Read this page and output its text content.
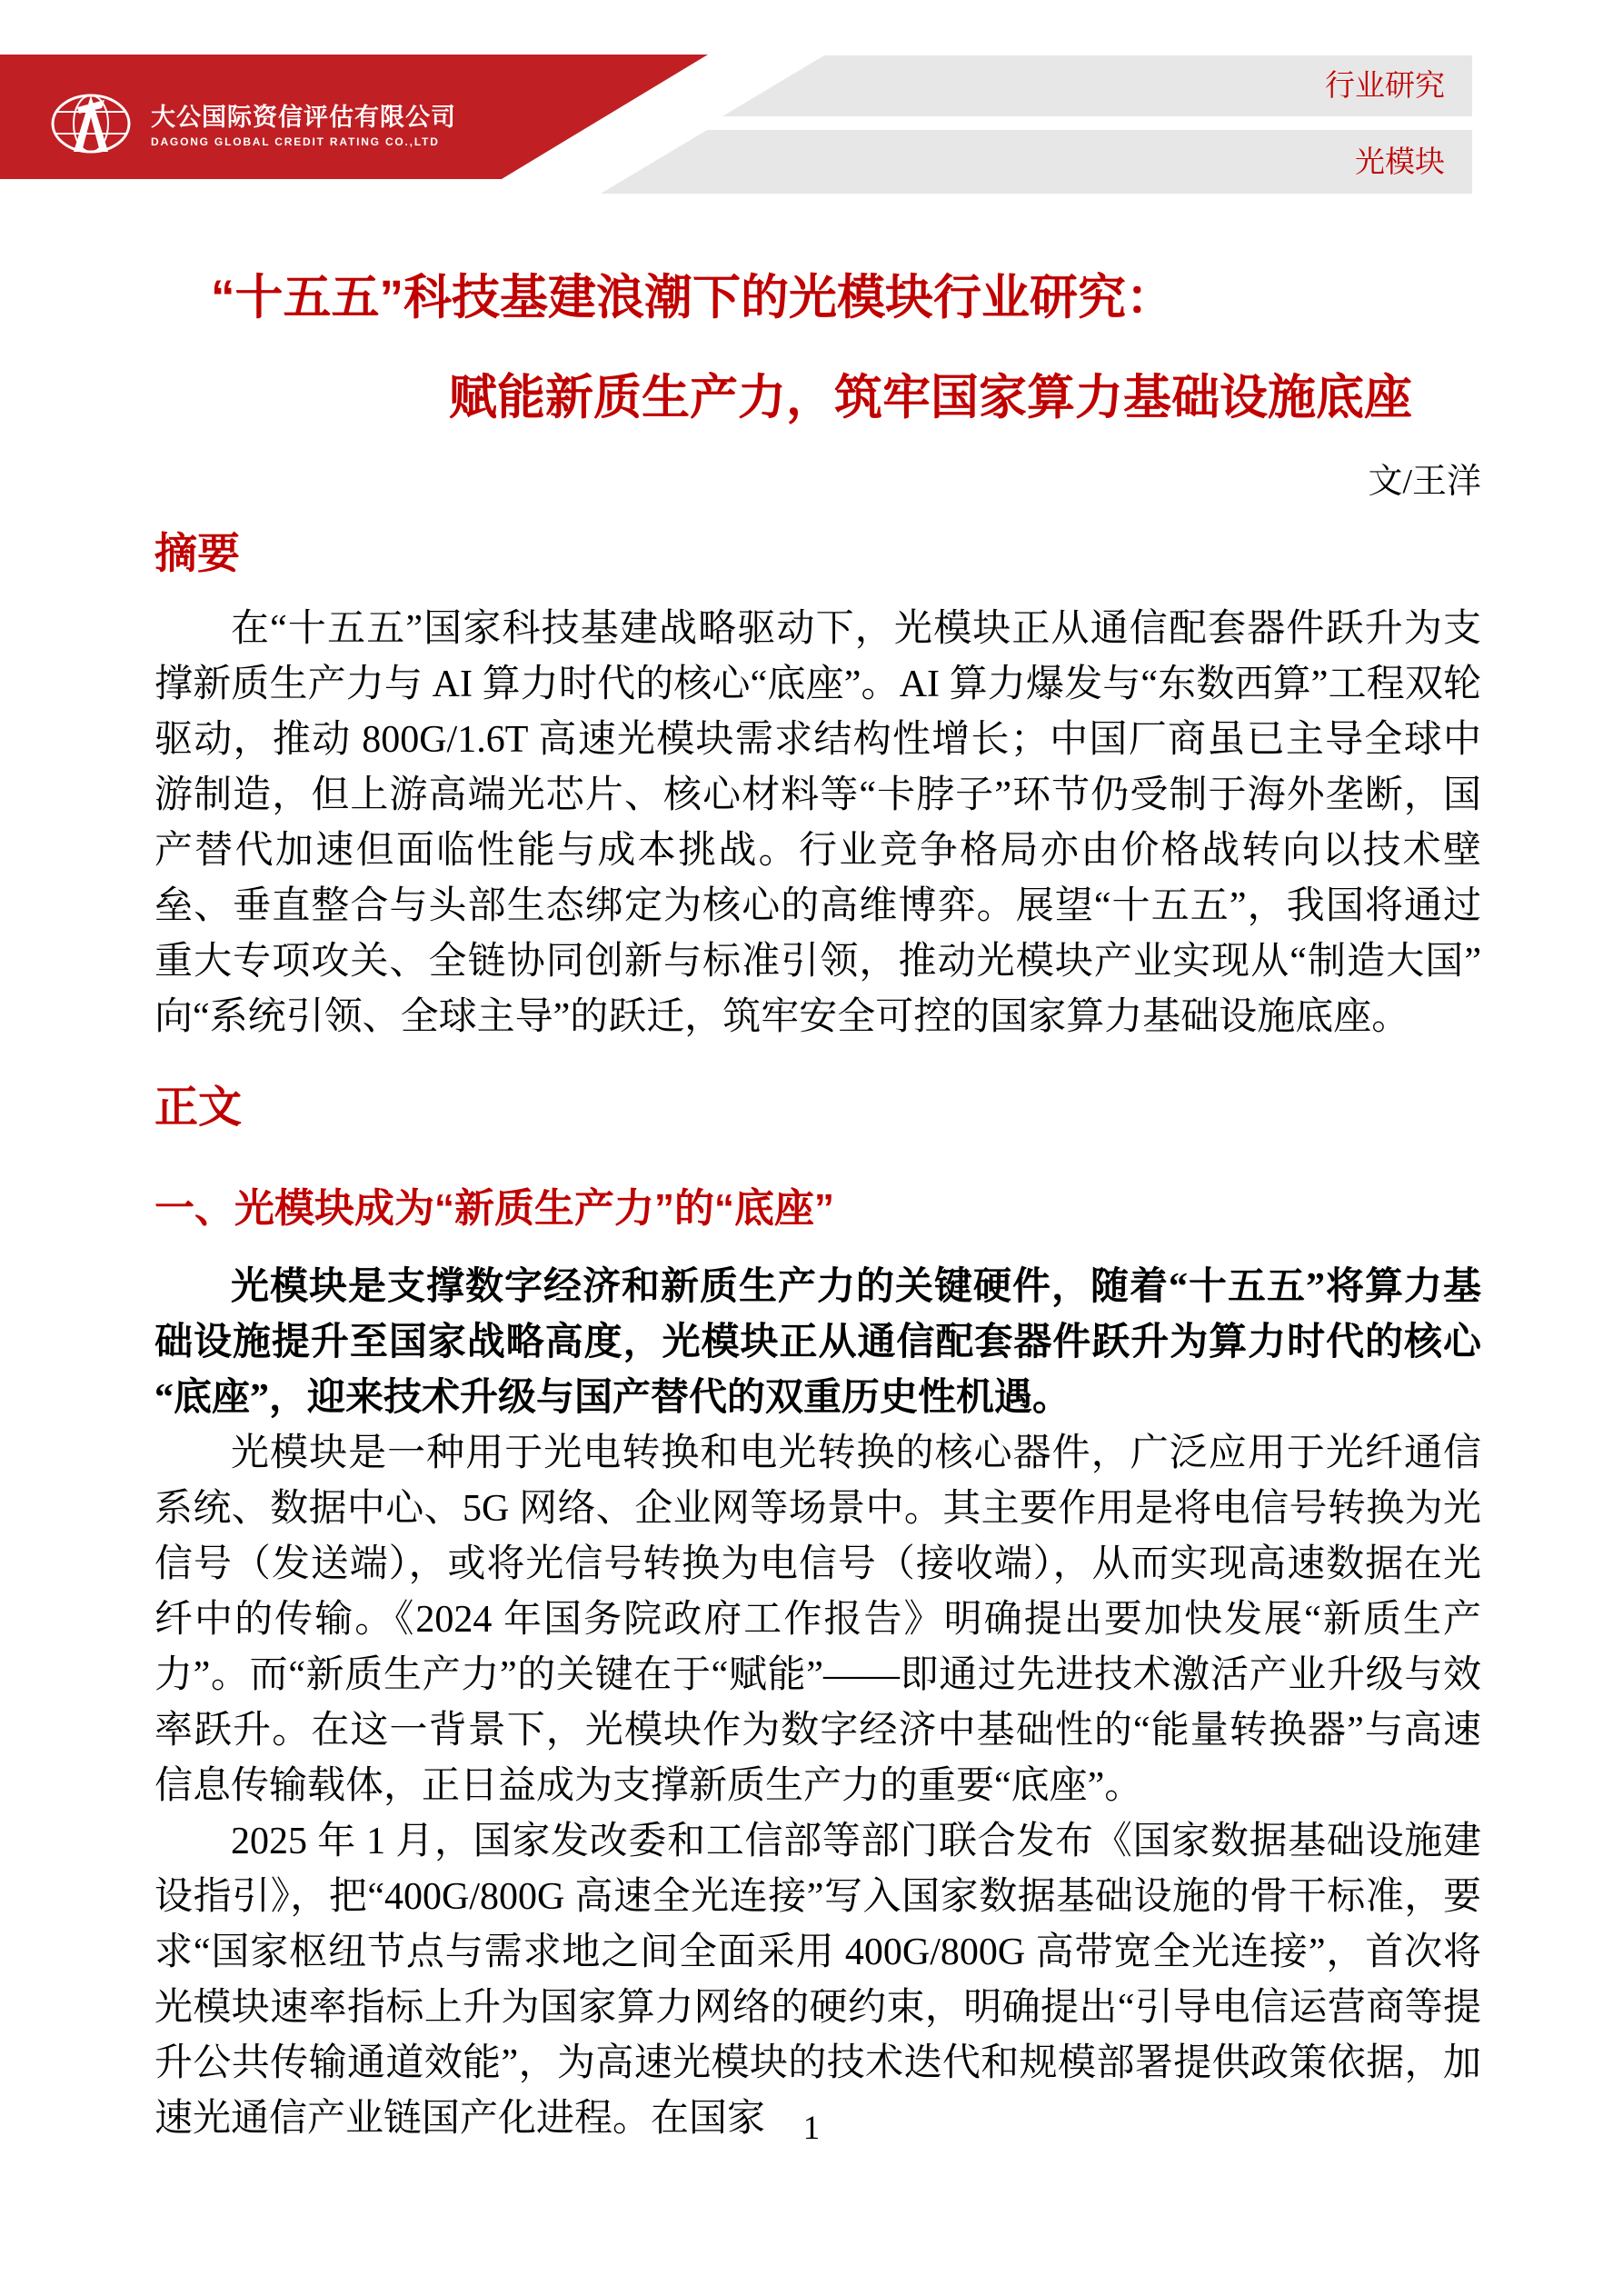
大公国际资信评估有限公司
DAGONG GLOBAL CREDIT RATING CO.,LTD
行业研究
光模块
“十五五”科技基建浪潮下的光模块行业研究：
赋能新质生产力，筑牢国家算力基础设施底座
文/王洋
摘要

在“十五五”国家科技基建战略驱动下，光模块正从通信配套器件跃升为支撑新质生产力与 AI 算力时代的核心“底座”。AI 算力爆发与“东数西算”工程双轮驱动，推动 800G/1.6T 高速光模块需求结构性增长；中国厂商虽已主导全球中游制造，但上游高端光芯片、核心材料等“卡脖子”环节仍受制于海外垄断，国产替代加速但面临性能与成本挑战。行业竞争格局亦由价格战转向以技术壁垒、垂直整合与头部生态绑定为核心的高维博弈。展望“十五五”，我国将通过重大专项攻关、全链协同创新与标准引领，推动光模块产业实现从“制造大国”向“系统引领、全球主导”的跃迁，筑牢安全可控的国家算力基础设施底座。

正文
一、光模块成为“新质生产力”的“底座”

光模块是支撑数字经济和新质生产力的关键硬件，随着“十五五”将算力基础设施提升至国家战略高度，光模块正从通信配套器件跃升为算力时代的核心“底座”，迎来技术升级与国产替代的双重历史性机遇。

光模块是一种用于光电转换和电光转换的核心器件，广泛应用于光纤通信系统、数据中心、5G 网络、企业网等场景中。其主要作用是将电信号转换为光信号（发送端），或将光信号转换为电信号（接收端），从而实现高速数据在光纤中的传输。《2024 年国务院政府工作报告》明确提出要加快发展“新质生产力”。而“新质生产力”的关键在于“赋能”——即通过先进技术激活产业升级与效率跃升。在这一背景下，光模块作为数字经济中基础性的“能量转换器”与高速信息传输载体，正日益成为支撑新质生产力的重要“底座”。

2025 年 1 月，国家发改委和工信部等部门联合发布《国家数据基础设施建设指引》，把“400G/800G 高速全光连接”写入国家数据基础设施的骨干标准，要求“国家枢纽节点与需求地之间全面采用 400G/800G 高带宽全光连接”，首次将光模块速率指标上升为国家算力网络的硬约束，明确提出“引导电信运营商等提升公共传输通道效能”，为高速光模块的技术迭代和规模部署提供政策依据，加速光通信产业链国产化进程。在国家	1
